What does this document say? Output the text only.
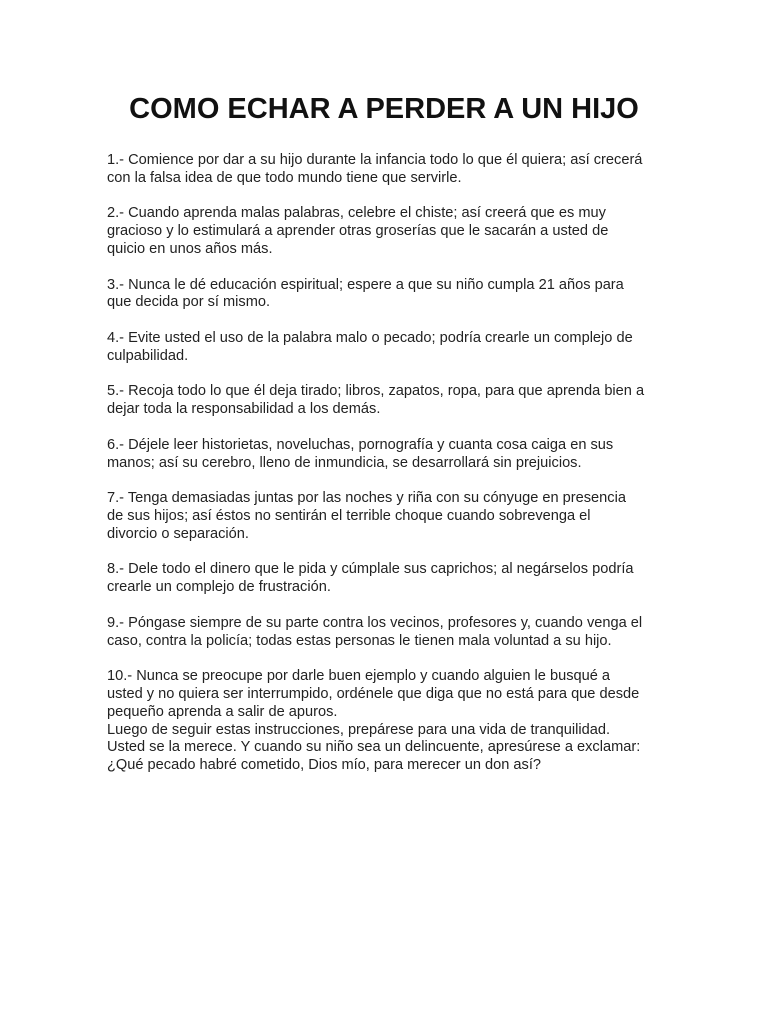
COMO ECHAR A PERDER A UN HIJO

1.- Comience por dar a su hijo durante la infancia todo lo que él quiera; así crecerá

con la falsa idea de que todo mundo tiene que servirle.

2.- Cuando aprenda malas palabras, celebre el chiste; así creerá que es muy

gracioso y lo estimulará a aprender otras groserías que le sacarán a usted de

quicio en unos años más.

3.- Nunca le dé educación espiritual; espere a que su niño cumpla 21 años para

que decida por sí mismo.

4.- Evite usted el uso de la palabra malo o pecado; podría crearle un complejo de

culpabilidad.

5.- Recoja todo lo que él deja tirado; libros, zapatos, ropa, para que aprenda bien a

dejar toda la responsabilidad a los demás.

6.- Déjele leer historietas, noveluchas, pornografía y cuanta cosa caiga en sus

manos; así su cerebro, lleno de inmundicia, se desarrollará sin prejuicios.

7.- Tenga demasiadas juntas por las noches y riña con su cónyuge en presencia

de sus hijos; así éstos no sentirán el terrible choque cuando sobrevenga el

divorcio o separación.

8.- Dele todo el dinero que le pida y cúmplale sus caprichos; al negárselos podría

crearle un complejo de frustración.

9.- Póngase siempre de su parte contra los vecinos, profesores y, cuando venga el

caso, contra la policía; todas estas personas le tienen mala voluntad a su hijo.

10.- Nunca se preocupe por darle buen ejemplo y cuando alguien le busqué a

usted y no quiera ser interrumpido, ordénele que diga que no está para que desde

pequeño aprenda a salir de apuros.

Luego de seguir estas instrucciones, prepárese para una vida de tranquilidad.

Usted se la merece. Y cuando su niño sea un delincuente, apresúrese a exclamar:

¿Qué pecado habré cometido, Dios mío, para merecer un don así?
